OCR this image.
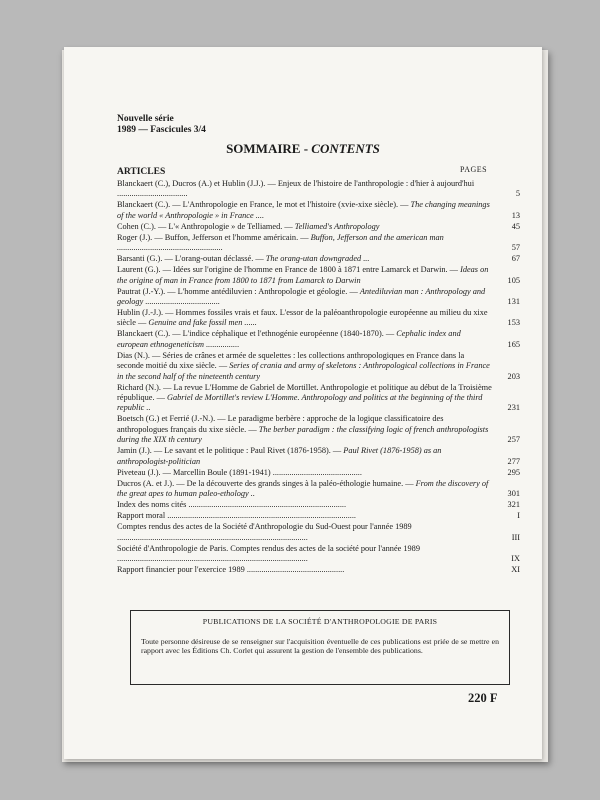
Nouvelle série
1989 — Fascicules 3/4
SOMMAIRE - CONTENTS
PAGES
ARTICLES
Blanckaert (C.), Ducros (A.) et Hublin (J.J.). — Enjeux de l'histoire de l'anthropologie : d'hier à aujourd'hui ..................................	5
Blanckaert (C.). — L'Anthropologie en France, le mot et l'histoire (xvie-xixe siècle). — The changing meanings of the world « Anthropologie » in France ....	13
Cohen (C.). — L'« Anthropologie » de Telliamed. — Telliamed's Anthropology	45
Roger (J.). — Buffon, Jefferson et l'homme américain. — Buffon, Jefferson and the american man ...................................................	57
Barsanti (G.). — L'orang-outan déclassé. — The orang-utan downgraded ...	67
Laurent (G.). — Idées sur l'origine de l'homme en France de 1800 à 1871 entre Lamarck et Darwin. — Ideas on the origine of man in France from 1800 to 1871 from Lamarck to Darwin	105
Pautrat (J.-Y.). — L'homme antédiluvien : Anthropologie et géologie. — Antediluvian man : Anthropology and geology ....................................	131
Hublin (J.-J.). — Hommes fossiles vrais et faux. L'essor de la paléoanthropologie européenne au milieu du xixe siècle — Genuine and fake fossil men ......	153
Blanckaert (C.). — L'indice céphalique et l'ethnogénie européenne (1840-1870). — Cephalic index and european ethnogeneticism ................	165
Dias (N.). — Séries de crânes et armée de squelettes : les collections anthropologiques en France dans la seconde moitié du xixe siècle. — Series of crania and army of skeletons : Anthropological collections in France in the second half of the nineteenth century	203
Richard (N.). — La revue L'Homme de Gabriel de Mortillet. Anthropologie et politique au début de la Troisième république. — Gabriel de Mortillet's review L'Homme. Anthropology and politics at the beginning of the third republic ..	231
Boetsch (G.) et Ferrié (J.-N.). — Le paradigme berbère : approche de la logique classificatoire des anthropologues français du xixe siècle. — The berber paradigm : the classifying logic of french anthropologists during the XIX th century	257
Jamin (J.). — Le savant et le politique : Paul Rivet (1876-1958). — Paul Rivet (1876-1958) as an anthropologist-politician	277
Piveteau (J.). — Marcellin Boule (1891-1941) ...........................................	295
Ducros (A. et J.). — De la découverte des grands singes à la paléo-éthologie humaine. — From the discovery of the great apes to human paleo-ethology ..	301
Index des noms cités ............................................................................	321
Rapport moral ...........................................................................................	I
Comptes rendus des actes de la Société d'Anthropologie du Sud-Ouest pour l'année 1989 ............................................................................................	III
Société d'Anthropologie de Paris. Comptes rendus des actes de la société pour l'année 1989 ............................................................................................	IX
Rapport financier pour l'exercice 1989 ...............................................	XI
PUBLICATIONS DE LA SOCIÉTÉ D'ANTHROPOLOGIE DE PARIS
Toute personne désireuse de se renseigner sur l'acquisition éventuelle de ces publications est priée de se mettre en rapport avec les Éditions Ch. Corlet qui assurent la gestion de l'ensemble des publications.
220 F
